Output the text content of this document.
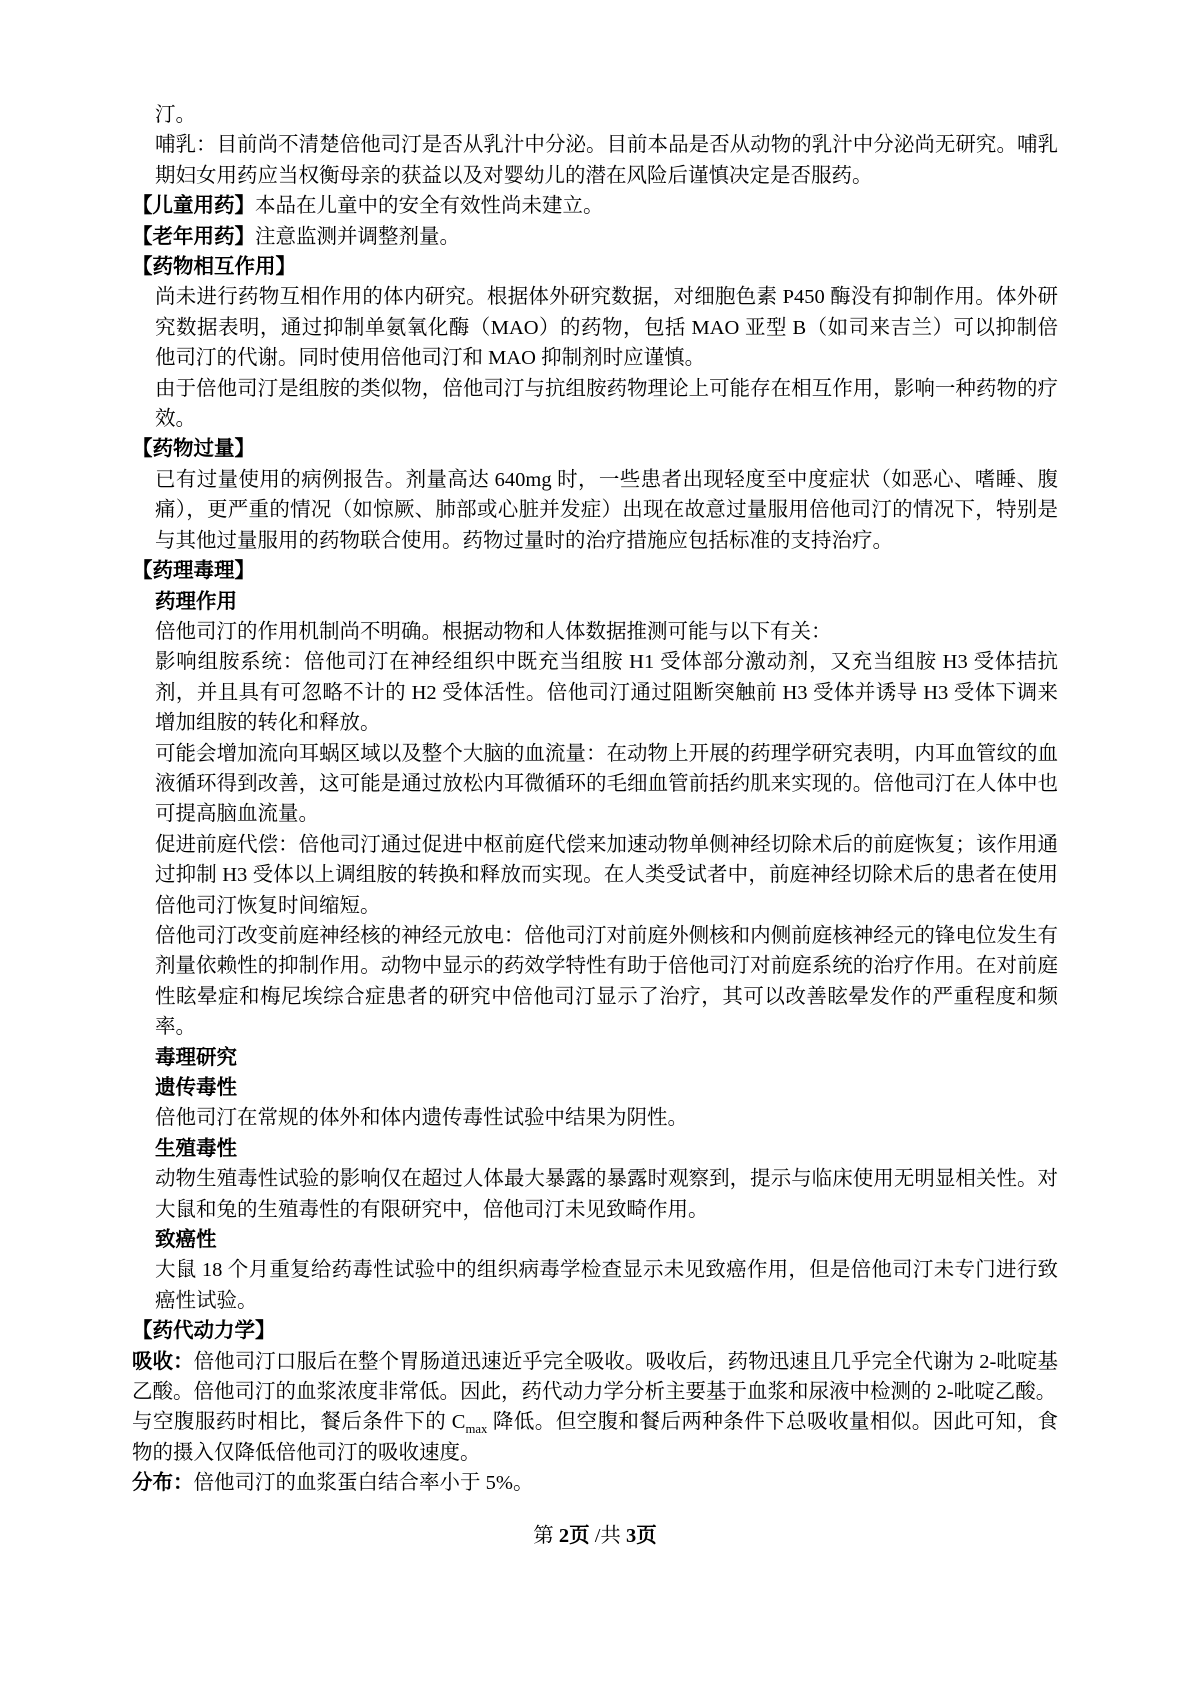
汀。

哺乳：目前尚不清楚倍他司汀是否从乳汁中分泌。目前本品是否从动物的乳汁中分泌尚无研究。哺乳期妇女用药应当权衡母亲的获益以及对婴幼儿的潜在风险后谨慎决定是否服药。

【儿童用药】本品在儿童中的安全有效性尚未建立。

【老年用药】注意监测并调整剂量。

【药物相互作用】

尚未进行药物互相作用的体内研究。根据体外研究数据，对细胞色素 P450 酶没有抑制作用。体外研究数据表明，通过抑制单氨氧化酶（MAO）的药物，包括 MAO 亚型 B（如司来吉兰）可以抑制倍他司汀的代谢。同时使用倍他司汀和 MAO 抑制剂时应谨慎。

由于倍他司汀是组胺的类似物，倍他司汀与抗组胺药物理论上可能存在相互作用，影响一种药物的疗效。

【药物过量】

已有过量使用的病例报告。剂量高达 640mg 时，一些患者出现轻度至中度症状（如恶心、嗜睡、腹痛），更严重的情况（如惊厥、肺部或心脏并发症）出现在故意过量服用倍他司汀的情况下，特别是与其他过量服用的药物联合使用。药物过量时的治疗措施应包括标准的支持治疗。

【药理毒理】

药理作用

倍他司汀的作用机制尚不明确。根据动物和人体数据推测可能与以下有关：

影响组胺系统：倍他司汀在神经组织中既充当组胺 H1 受体部分激动剂，又充当组胺 H3 受体拮抗剂，并且具有可忽略不计的 H2 受体活性。倍他司汀通过阻断突触前 H3 受体并诱导 H3 受体下调来增加组胺的转化和释放。

可能会增加流向耳蜗区域以及整个大脑的血流量：在动物上开展的药理学研究表明，内耳血管纹的血液循环得到改善，这可能是通过放松内耳微循环的毛细血管前括约肌来实现的。倍他司汀在人体中也可提高脑血流量。

促进前庭代偿：倍他司汀通过促进中枢前庭代偿来加速动物单侧神经切除术后的前庭恢复；该作用通过抑制 H3 受体以上调组胺的转换和释放而实现。在人类受试者中，前庭神经切除术后的患者在使用倍他司汀恢复时间缩短。

倍他司汀改变前庭神经核的神经元放电：倍他司汀对前庭外侧核和内侧前庭核神经元的锋电位发生有剂量依赖性的抑制作用。动物中显示的药效学特性有助于倍他司汀对前庭系统的治疗作用。在对前庭性眩晕症和梅尼埃综合症患者的研究中倍他司汀显示了治疗，其可以改善眩晕发作的严重程度和频率。

毒理研究

遗传毒性

倍他司汀在常规的体外和体内遗传毒性试验中结果为阴性。

生殖毒性

动物生殖毒性试验的影响仅在超过人体最大暴露的暴露时观察到，提示与临床使用无明显相关性。对大鼠和兔的生殖毒性的有限研究中，倍他司汀未见致畸作用。

致癌性

大鼠 18 个月重复给药毒性试验中的组织病毒学检查显示未见致癌作用，但是倍他司汀未专门进行致癌性试验。

【药代动力学】

吸收：倍他司汀口服后在整个胃肠道迅速近乎完全吸收。吸收后，药物迅速且几乎完全代谢为 2-吡啶基乙酸。倍他司汀的血浆浓度非常低。因此，药代动力学分析主要基于血浆和尿液中检测的 2-吡啶乙酸。

与空腹服药时相比，餐后条件下的 $C_{max}$ 降低。但空腹和餐后两种条件下总吸收量相似。因此可知，食物的摄入仅降低倍他司汀的吸收速度。

分布：倍他司汀的血浆蛋白结合率小于 5%。

第 2页 /共 3页
